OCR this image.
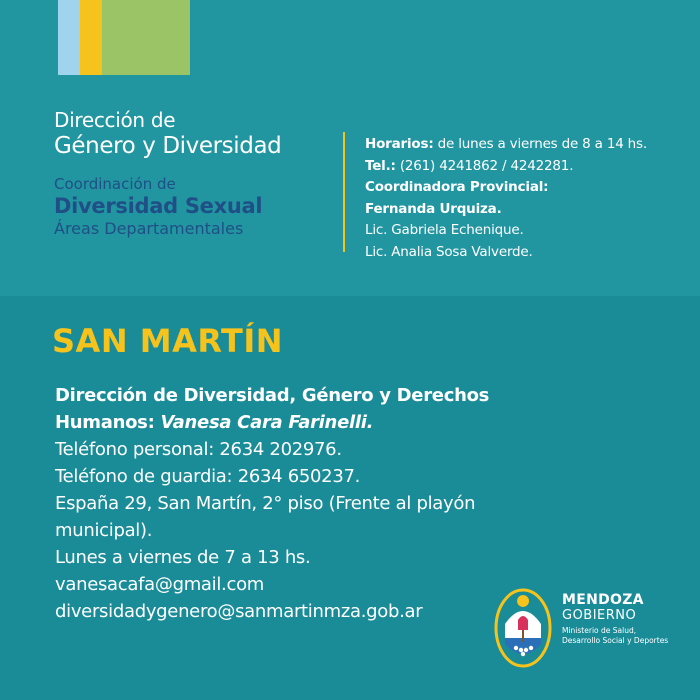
Dirección de
Género y Diversidad
Coordinación de
Diversidad Sexual
Áreas Departamentales
Horarios: de lunes a viernes de 8 a 14 hs.
Tel.: (261) 4241862 / 4242281.
Coordinadora Provincial:
Fernanda Urquiza.
Lic. Gabriela Echenique.
Lic. Analia Sosa Valverde.
SAN MARTÍN
Dirección de Diversidad, Género y Derechos
Humanos: Vanesa Cara Farinelli.
Teléfono personal: 2634 202976.
Teléfono de guardia: 2634 650237.
España 29, San Martín, 2° piso (Frente al playón
municipal).
Lunes a viernes de 7 a 13 hs.
vanesacafa@gmail.com
diversidadygenero@sanmartinmza.gob.ar
MENDOZA
GOBIERNO
Ministerio de Salud,
Desarrollo Social y Deportes
